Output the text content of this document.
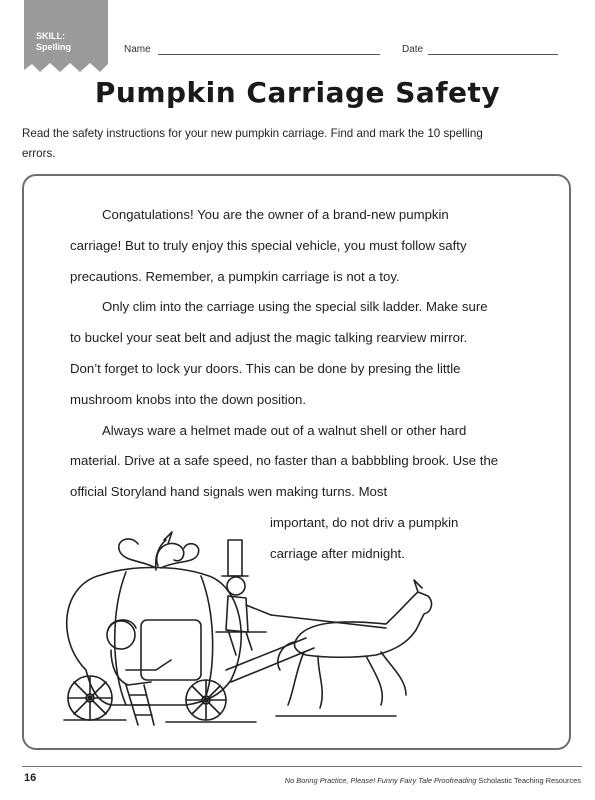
SKILL:
Spelling	Name	Date
Pumpkin Carriage Safety
Read the safety instructions for your new pumpkin carriage. Find and mark the 10 spelling errors.

Congatulations! You are the owner of a brand-new pumpkin carriage! But to truly enjoy this special vehicle, you must follow safty precautions. Remember, a pumpkin carriage is not a toy.

Only clim into the carriage using the special silk ladder. Make sure to buckel your seat belt and adjust the magic talking rearview mirror. Don’t forget to lock yur doors. This can be done by presing the little mushroom knobs into the down position.

Always ware a helmet made out of a walnut shell or other hard material. Drive at a safe speed, no faster than a babbbling brook. Use the official Storyland hand signals wen making turns. Most

important, do not driv a pumpkin
carriage after midnight.
16	No Boring Practice, Please! Funny Fairy Tale Proofreading Scholastic Teaching Resources
